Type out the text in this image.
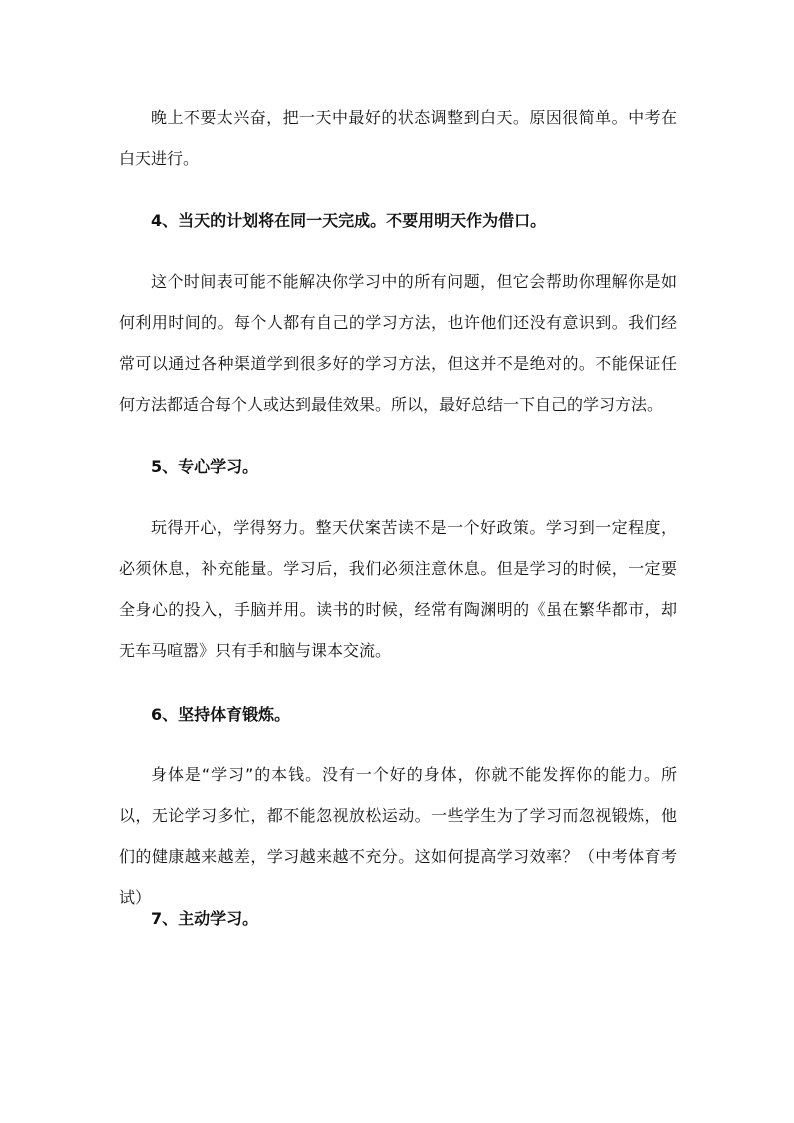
晚上不要太兴奋，把一天中最好的状态调整到白天。原因很简单。中考在白天进行。

4、当天的计划将在同一天完成。不要用明天作为借口。

这个时间表可能不能解决你学习中的所有问题，但它会帮助你理解你是如何利用时间的。每个人都有自己的学习方法，也许他们还没有意识到。我们经常可以通过各种渠道学到很多好的学习方法，但这并不是绝对的。不能保证任何方法都适合每个人或达到最佳效果。所以，最好总结一下自己的学习方法。

5、专心学习。

玩得开心，学得努力。整天伏案苦读不是一个好政策。学习到一定程度，必须休息，补充能量。学习后，我们必须注意休息。但是学习的时候，一定要全身心的投入，手脑并用。读书的时候，经常有陶渊明的《虽在繁华都市，却无车马喧嚣》只有手和脑与课本交流。

6、坚持体育锻炼。

身体是“学习”的本钱。没有一个好的身体，你就不能发挥你的能力。所以，无论学习多忙，都不能忽视放松运动。一些学生为了学习而忽视锻炼，他们的健康越来越差，学习越来越不充分。这如何提高学习效率？（中考体育考试）

7、主动学习。
